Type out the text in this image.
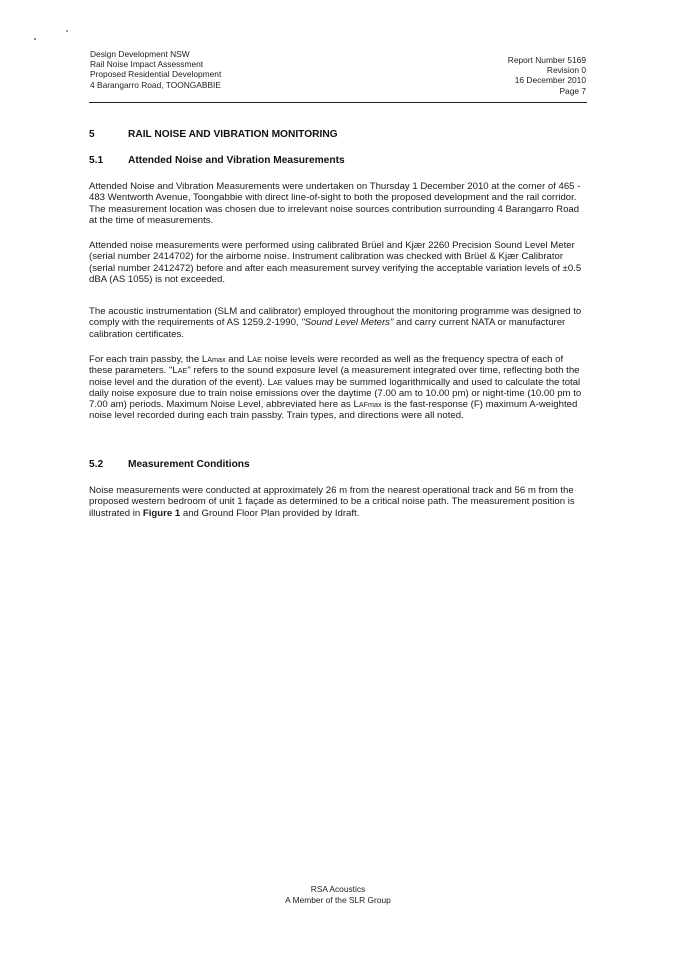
Design Development NSW
Rail Noise Impact Assessment
Proposed Residential Development
4 Barangarro Road, TOONGABBIE
Report Number 5169
Revision 0
16 December 2010
Page 7
5	RAIL NOISE AND VIBRATION MONITORING
5.1 Attended Noise and Vibration Measurements

Attended Noise and Vibration Measurements were undertaken on Thursday 1 December 2010 at the corner of 465 - 483 Wentworth Avenue, Toongabbie with direct line-of-sight to both the proposed development and the rail corridor. The measurement location was chosen due to irrelevant noise sources contribution surrounding 4 Barangarro Road at the time of measurements.

Attended noise measurements were performed using calibrated Brüel and Kjær 2260 Precision Sound Level Meter (serial number 2414702) for the airborne noise. Instrument calibration was checked with Brüel & Kjær Calibrator (serial number 2412472) before and after each measurement survey verifying the acceptable variation levels of ±0.5 dBA (AS 1055) is not exceeded.

The acoustic instrumentation (SLM and calibrator) employed throughout the monitoring programme was designed to comply with the requirements of AS 1259.2-1990, "Sound Level Meters" and carry current NATA or manufacturer calibration certificates.

For each train passby, the LAmax and LAE noise levels were recorded as well as the frequency spectra of each of these parameters. "LAE" refers to the sound exposure level (a measurement integrated over time, reflecting both the noise level and the duration of the event). LAE values may be summed logarithmically and used to calculate the total daily noise exposure due to train noise emissions over the daytime (7.00 am to 10.00 pm) or night-time (10.00 pm to 7.00 am) periods. Maximum Noise Level, abbreviated here as LAFmax is the fast-response (F) maximum A-weighted noise level recorded during each train passby. Train types, and directions were all noted.

5.2 Measurement Conditions

Noise measurements were conducted at approximately 26 m from the nearest operational track and 56 m from the proposed western bedroom of unit 1 façade as determined to be a critical noise path. The measurement position is illustrated in Figure 1 and Ground Floor Plan provided by Idraft.

RSA Acoustics
A Member of the SLR Group
